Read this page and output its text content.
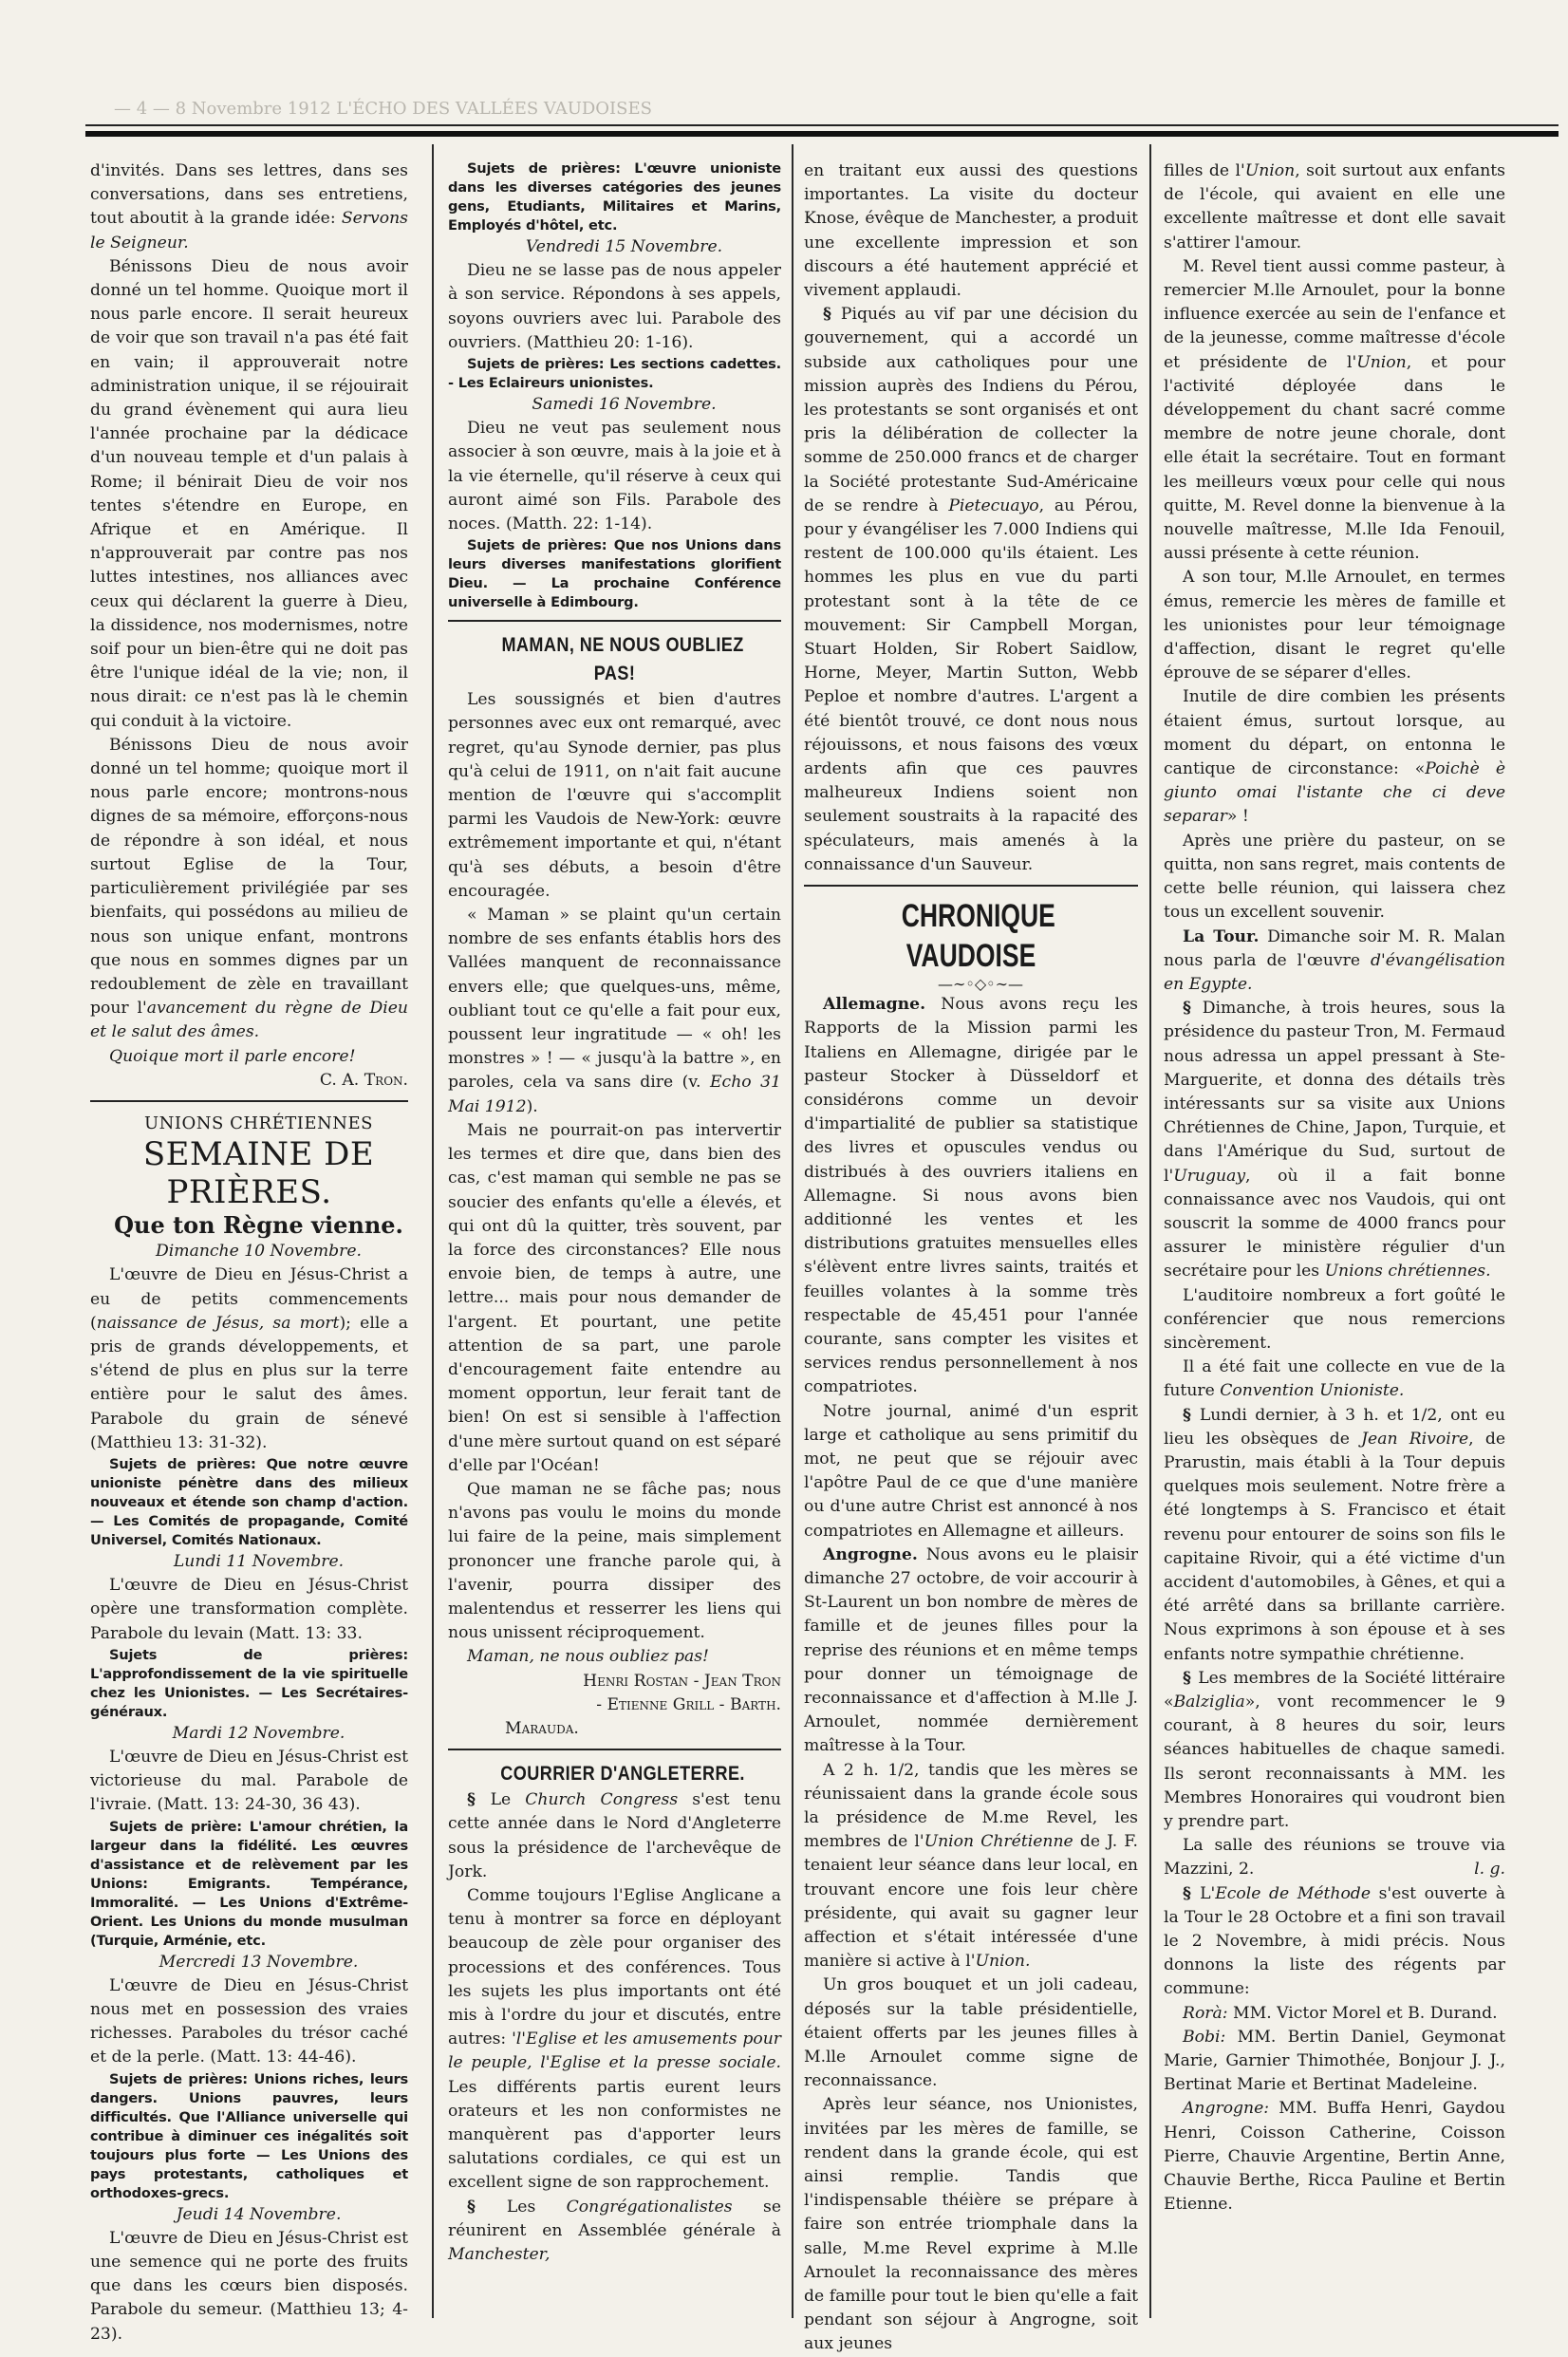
— 4 — 8 Novembre 1912 L'ÉCHO DES VALLÉES VAUDOISES

d'invités. Dans ses lettres, dans ses conversations, dans ses entretiens, tout aboutit à la grande idée: Servons le Seigneur.

Bénissons Dieu de nous avoir donné un tel homme. Quoique mort il nous parle encore. Il serait heureux de voir que son travail n'a pas été fait en vain; il approuverait notre administration unique, il se réjouirait du grand évènement qui aura lieu l'année prochaine par la dédicace d'un nouveau temple et d'un palais à Rome; il bénirait Dieu de voir nos tentes s'étendre en Europe, en Afrique et en Amérique. Il n'approuverait par contre pas nos luttes intestines, nos alliances avec ceux qui déclarent la guerre à Dieu, la dissidence, nos modernismes, notre soif pour un bien-être qui ne doit pas être l'unique idéal de la vie; non, il nous dirait: ce n'est pas là le chemin qui conduit à la victoire.

Bénissons Dieu de nous avoir donné un tel homme; quoique mort il nous parle encore; montrons-nous dignes de sa mémoire, efforçons-nous de répondre à son idéal, et nous surtout Eglise de la Tour, particulièrement privilégiée par ses bienfaits, qui possédons au milieu de nous son unique enfant, montrons que nous en sommes dignes par un redoublement de zèle en travaillant pour l'avancement du règne de Dieu et le salut des âmes.

Quoique mort il parle encore!

C. A. Tron.

UNIONS CHRÉTIENNES

SEMAINE DE PRIÈRES.

Que ton Règne vienne.

Dimanche 10 Novembre.

L'œuvre de Dieu en Jésus-Christ a eu de petits commencements (naissance de Jésus, sa mort); elle a pris de grands développements, et s'étend de plus en plus sur la terre entière pour le salut des âmes. Parabole du grain de sénevé (Matthieu 13: 31-32).

Sujets de prières: Que notre œuvre unioniste pénètre dans des milieux nouveaux et étende son champ d'action. — Les Comités de propagande, Comité Universel, Comités Nationaux.

Lundi 11 Novembre.

L'œuvre de Dieu en Jésus-Christ opère une transformation complète. Parabole du levain (Matt. 13: 33.

Sujets de prières: L'approfondissement de la vie spirituelle chez les Unionistes. — Les Secrétaires-généraux.

Mardi 12 Novembre.

L'œuvre de Dieu en Jésus-Christ est victorieuse du mal. Parabole de l'ivraie. (Matt. 13: 24-30, 36 43).

Sujets de prière: L'amour chrétien, la largeur dans la fidélité. Les œuvres d'assistance et de relèvement par les Unions: Emigrants. Tempérance, Immoralité. — Les Unions d'Extrême-Orient. Les Unions du monde musulman (Turquie, Arménie, etc.

Mercredi 13 Novembre.

L'œuvre de Dieu en Jésus-Christ nous met en possession des vraies richesses. Paraboles du trésor caché et de la perle. (Matt. 13: 44-46).

Sujets de prières: Unions riches, leurs dangers. Unions pauvres, leurs difficultés. Que l'Alliance universelle qui contribue à diminuer ces inégalités soit toujours plus forte — Les Unions des pays protestants, catholiques et orthodoxes-grecs.

Jeudi 14 Novembre.

L'œuvre de Dieu en Jésus-Christ est une semence qui ne porte des fruits que dans les cœurs bien disposés. Parabole du semeur. (Matthieu 13; 4-23).

Sujets de prières: L'œuvre unioniste dans les diverses catégories des jeunes gens, Etudiants, Militaires et Marins, Employés d'hôtel, etc.

Vendredi 15 Novembre.

Dieu ne se lasse pas de nous appeler à son service. Répondons à ses appels, soyons ouvriers avec lui. Parabole des ouvriers. (Matthieu 20: 1-16).

Sujets de prières: Les sections cadettes. - Les Eclaireurs unionistes.

Samedi 16 Novembre.

Dieu ne veut pas seulement nous associer à son œuvre, mais à la joie et à la vie éternelle, qu'il réserve à ceux qui auront aimé son Fils. Parabole des noces. (Matth. 22: 1-14).

Sujets de prières: Que nos Unions dans leurs diverses manifestations glorifient Dieu. — La prochaine Conférence universelle à Edimbourg.

MAMAN, NE NOUS OUBLIEZ PAS!

Les soussignés et bien d'autres personnes avec eux ont remarqué, avec regret, qu'au Synode dernier, pas plus qu'à celui de 1911, on n'ait fait aucune mention de l'œuvre qui s'accomplit parmi les Vaudois de New-York: œuvre extrêmement importante et qui, n'étant qu'à ses débuts, a besoin d'être encouragée.

« Maman » se plaint qu'un certain nombre de ses enfants établis hors des Vallées manquent de reconnaissance envers elle; que quelques-uns, même, oubliant tout ce qu'elle a fait pour eux, poussent leur ingratitude — « oh! les monstres » ! — « jusqu'à la battre », en paroles, cela va sans dire (v. Echo 31 Mai 1912).

Mais ne pourrait-on pas intervertir les termes et dire que, dans bien des cas, c'est maman qui semble ne pas se soucier des enfants qu'elle a élevés, et qui ont dû la quitter, très souvent, par la force des circonstances? Elle nous envoie bien, de temps à autre, une lettre... mais pour nous demander de l'argent. Et pourtant, une petite attention de sa part, une parole d'encouragement faite entendre au moment opportun, leur ferait tant de bien! On est si sensible à l'affection d'une mère surtout quand on est séparé d'elle par l'Océan!

Que maman ne se fâche pas; nous n'avons pas voulu le moins du monde lui faire de la peine, mais simplement prononcer une franche parole qui, à l'avenir, pourra dissiper des malentendus et resserrer les liens qui nous unissent réciproquement.

Maman, ne nous oubliez pas!

Henri Rostan - Jean Tron

- Etienne Grill - Barth.

Marauda.

COURRIER D'ANGLETERRE.

§ Le Church Congress s'est tenu cette année dans le Nord d'Angleterre sous la présidence de l'archevêque de Jork.

Comme toujours l'Eglise Anglicane a tenu à montrer sa force en déployant beaucoup de zèle pour organiser des processions et des conférences. Tous les sujets les plus importants ont été mis à l'ordre du jour et discutés, entre autres: 'l'Eglise et les amusements pour le peuple, l'Eglise et la presse sociale. Les différents partis eurent leurs orateurs et les non conformistes ne manquèrent pas d'apporter leurs salutations cordiales, ce qui est un excellent signe de son rapprochement.

§ Les Congrégationalistes se réunirent en Assemblée générale à Manchester,

en traitant eux aussi des questions importantes. La visite du docteur Knose, évêque de Manchester, a produit une excellente impression et son discours a été hautement apprécié et vivement applaudi.

§ Piqués au vif par une décision du gouvernement, qui a accordé un subside aux catholiques pour une mission auprès des Indiens du Pérou, les protestants se sont organisés et ont pris la délibération de collecter la somme de 250.000 francs et de charger la Société protestante Sud-Américaine de se rendre à Pietecuayo, au Pérou, pour y évangéliser les 7.000 Indiens qui restent de 100.000 qu'ils étaient. Les hommes les plus en vue du parti protestant sont à la tête de ce mouvement: Sir Campbell Morgan, Stuart Holden, Sir Robert Saidlow, Horne, Meyer, Martin Sutton, Webb Peploe et nombre d'autres. L'argent a été bientôt trouvé, ce dont nous nous réjouissons, et nous faisons des vœux ardents afin que ces pauvres malheureux Indiens soient non seulement soustraits à la rapacité des spéculateurs, mais amenés à la connaissance d'un Sauveur.

CHRONIQUE VAUDOISE

—∼◦◇◦∼—

Allemagne. Nous avons reçu les Rapports de la Mission parmi les Italiens en Allemagne, dirigée par le pasteur Stocker à Düsseldorf et considérons comme un devoir d'impartialité de publier sa statistique des livres et opuscules vendus ou distribués à des ouvriers italiens en Allemagne. Si nous avons bien additionné les ventes et les distributions gratuites mensuelles elles s'élèvent entre livres saints, traités et feuilles volantes à la somme très respectable de 45,451 pour l'année courante, sans compter les visites et services rendus personnellement à nos compatriotes.

Notre journal, animé d'un esprit large et catholique au sens primitif du mot, ne peut que se réjouir avec l'apôtre Paul de ce que d'une manière ou d'une autre Christ est annoncé à nos compatriotes en Allemagne et ailleurs.

Angrogne. Nous avons eu le plaisir dimanche 27 octobre, de voir accourir à St-Laurent un bon nombre de mères de famille et de jeunes filles pour la reprise des réunions et en même temps pour donner un témoignage de reconnaissance et d'affection à M.lle J. Arnoulet, nommée dernièrement maîtresse à la Tour.

A 2 h. 1/2, tandis que les mères se réunissaient dans la grande école sous la présidence de M.me Revel, les membres de l'Union Chrétienne de J. F. tenaient leur séance dans leur local, en trouvant encore une fois leur chère présidente, qui avait su gagner leur affection et s'était intéressée d'une manière si active à l'Union.

Un gros bouquet et un joli cadeau, déposés sur la table présidentielle, étaient offerts par les jeunes filles à M.lle Arnoulet comme signe de reconnaissance.

Après leur séance, nos Unionistes, invitées par les mères de famille, se rendent dans la grande école, qui est ainsi remplie. Tandis que l'indispensable théière se prépare à faire son entrée triomphale dans la salle, M.me Revel exprime à M.lle Arnoulet la reconnaissance des mères de famille pour tout le bien qu'elle a fait pendant son séjour à Angrogne, soit aux jeunes

filles de l'Union, soit surtout aux enfants de l'école, qui avaient en elle une excellente maîtresse et dont elle savait s'attirer l'amour.

M. Revel tient aussi comme pasteur, à remercier M.lle Arnoulet, pour la bonne influence exercée au sein de l'enfance et de la jeunesse, comme maîtresse d'école et présidente de l'Union, et pour l'activité déployée dans le développement du chant sacré comme membre de notre jeune chorale, dont elle était la secrétaire. Tout en formant les meilleurs vœux pour celle qui nous quitte, M. Revel donne la bienvenue à la nouvelle maîtresse, M.lle Ida Fenouil, aussi présente à cette réunion.

A son tour, M.lle Arnoulet, en termes émus, remercie les mères de famille et les unionistes pour leur témoignage d'affection, disant le regret qu'elle éprouve de se séparer d'elles.

Inutile de dire combien les présents étaient émus, surtout lorsque, au moment du départ, on entonna le cantique de circonstance: «Poichè è giunto omai l'istante che ci deve separar» !

Après une prière du pasteur, on se quitta, non sans regret, mais contents de cette belle réunion, qui laissera chez tous un excellent souvenir.

La Tour. Dimanche soir M. R. Malan nous parla de l'œuvre d'évangélisation en Egypte.

§ Dimanche, à trois heures, sous la présidence du pasteur Tron, M. Fermaud nous adressa un appel pressant à Ste-Marguerite, et donna des détails très intéressants sur sa visite aux Unions Chrétiennes de Chine, Japon, Turquie, et dans l'Amérique du Sud, surtout de l'Uruguay, où il a fait bonne connaissance avec nos Vaudois, qui ont souscrit la somme de 4000 francs pour assurer le ministère régulier d'un secrétaire pour les Unions chrétiennes.

L'auditoire nombreux a fort goûté le conférencier que nous remercions sincèrement.

Il a été fait une collecte en vue de la future Convention Unioniste.

§ Lundi dernier, à 3 h. et 1/2, ont eu lieu les obsèques de Jean Rivoire, de Prarustin, mais établi à la Tour depuis quelques mois seulement. Notre frère a été longtemps à S. Francisco et était revenu pour entourer de soins son fils le capitaine Rivoir, qui a été victime d'un accident d'automobiles, à Gênes, et qui a été arrêté dans sa brillante carrière. Nous exprimons à son épouse et à ses enfants notre sympathie chrétienne.

§ Les membres de la Société littéraire «Balziglia», vont recommencer le 9 courant, à 8 heures du soir, leurs séances habituelles de chaque samedi. Ils seront reconnaissants à MM. les Membres Honoraires qui voudront bien y prendre part.

La salle des réunions se trouve via Mazzini, 2.	l. g.

§ L'Ecole de Méthode s'est ouverte à la Tour le 28 Octobre et a fini son travail le 2 Novembre, à midi précis. Nous donnons la liste des régents par commune:

Rorà: MM. Victor Morel et B. Durand.

Bobi: MM. Bertin Daniel, Geymonat Marie, Garnier Thimothée, Bonjour J. J., Bertinat Marie et Bertinat Madeleine.

Angrogne: MM. Buffa Henri, Gaydou Henri, Coisson Catherine, Coisson Pierre, Chauvie Argentine, Bertin Anne, Chauvie Berthe, Ricca Pauline et Bertin Etienne.
